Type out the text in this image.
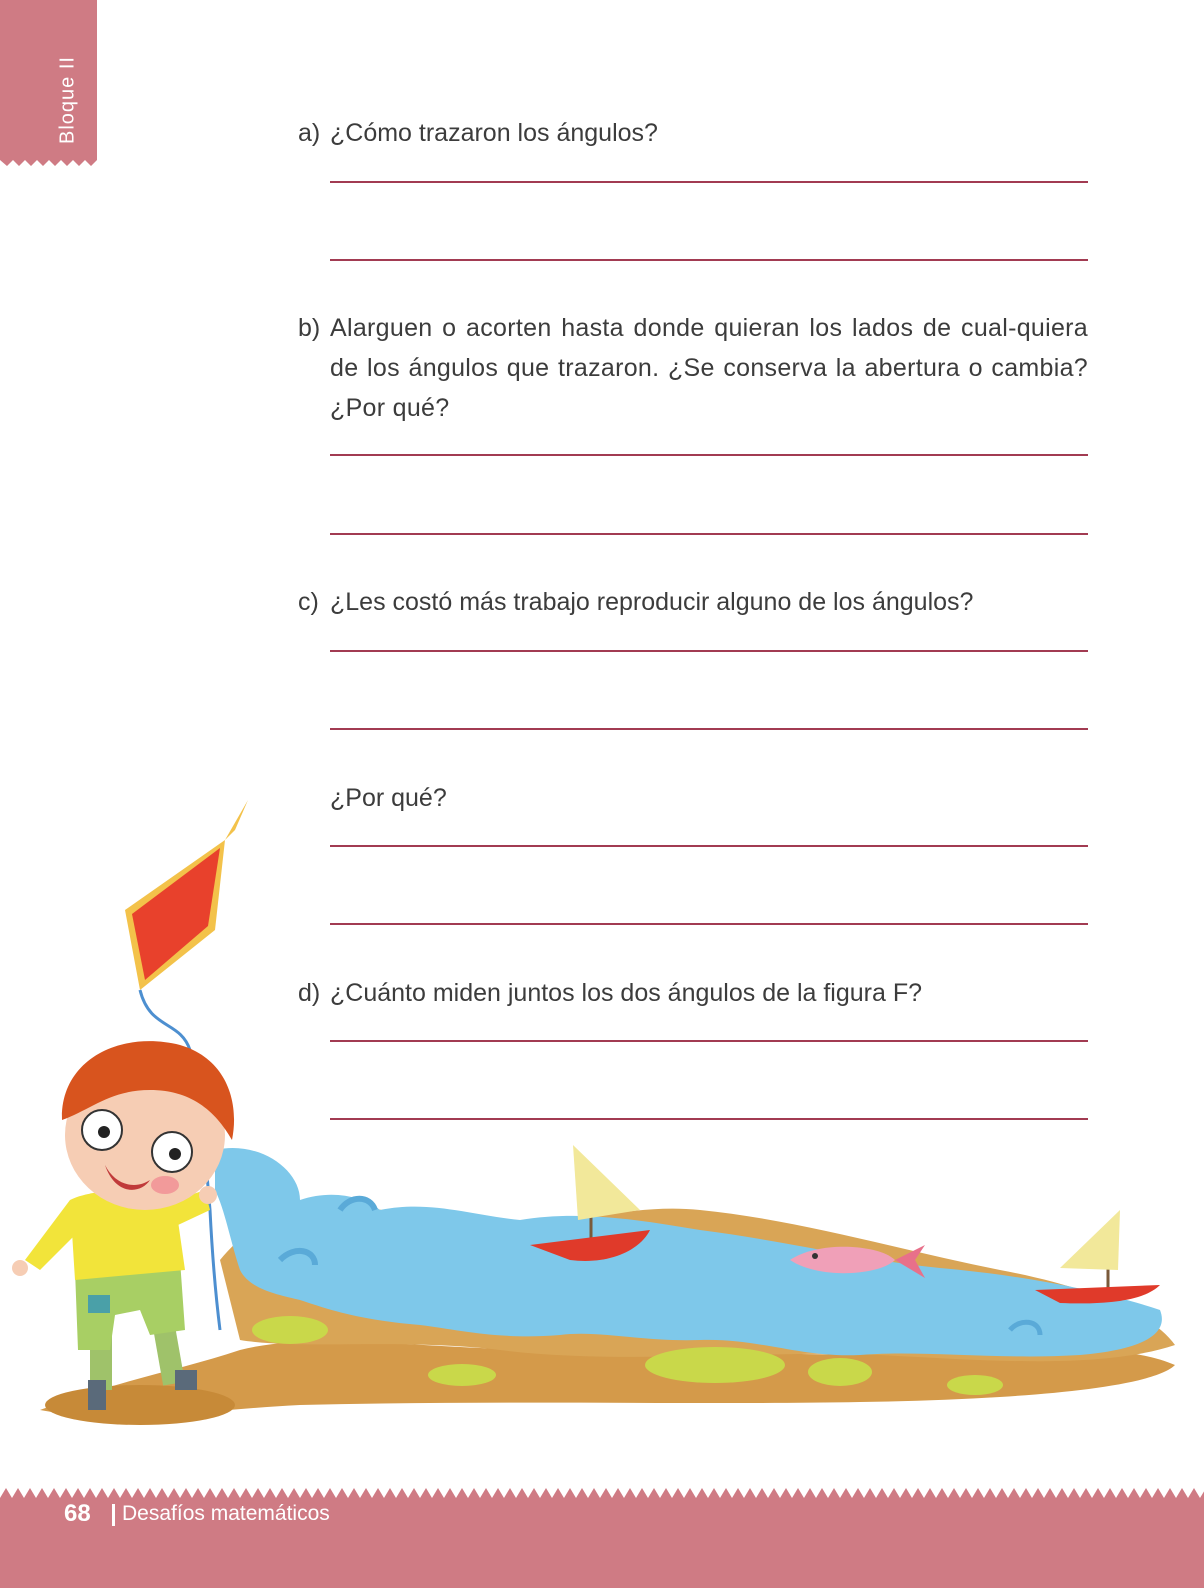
Bloque II	a) ¿Cómo trazaron los ángulos?
b) Alarguen o acorten hasta donde quieran los lados de cual-quiera de los ángulos que trazaron. ¿Se conserva la abertura o cambia? ¿Por qué?
c) ¿Les costó más trabajo reproducir alguno de los ángulos?
¿Por qué?
d) ¿Cuánto miden juntos los dos ángulos de la figura F?
68 Desafíos matemáticos
